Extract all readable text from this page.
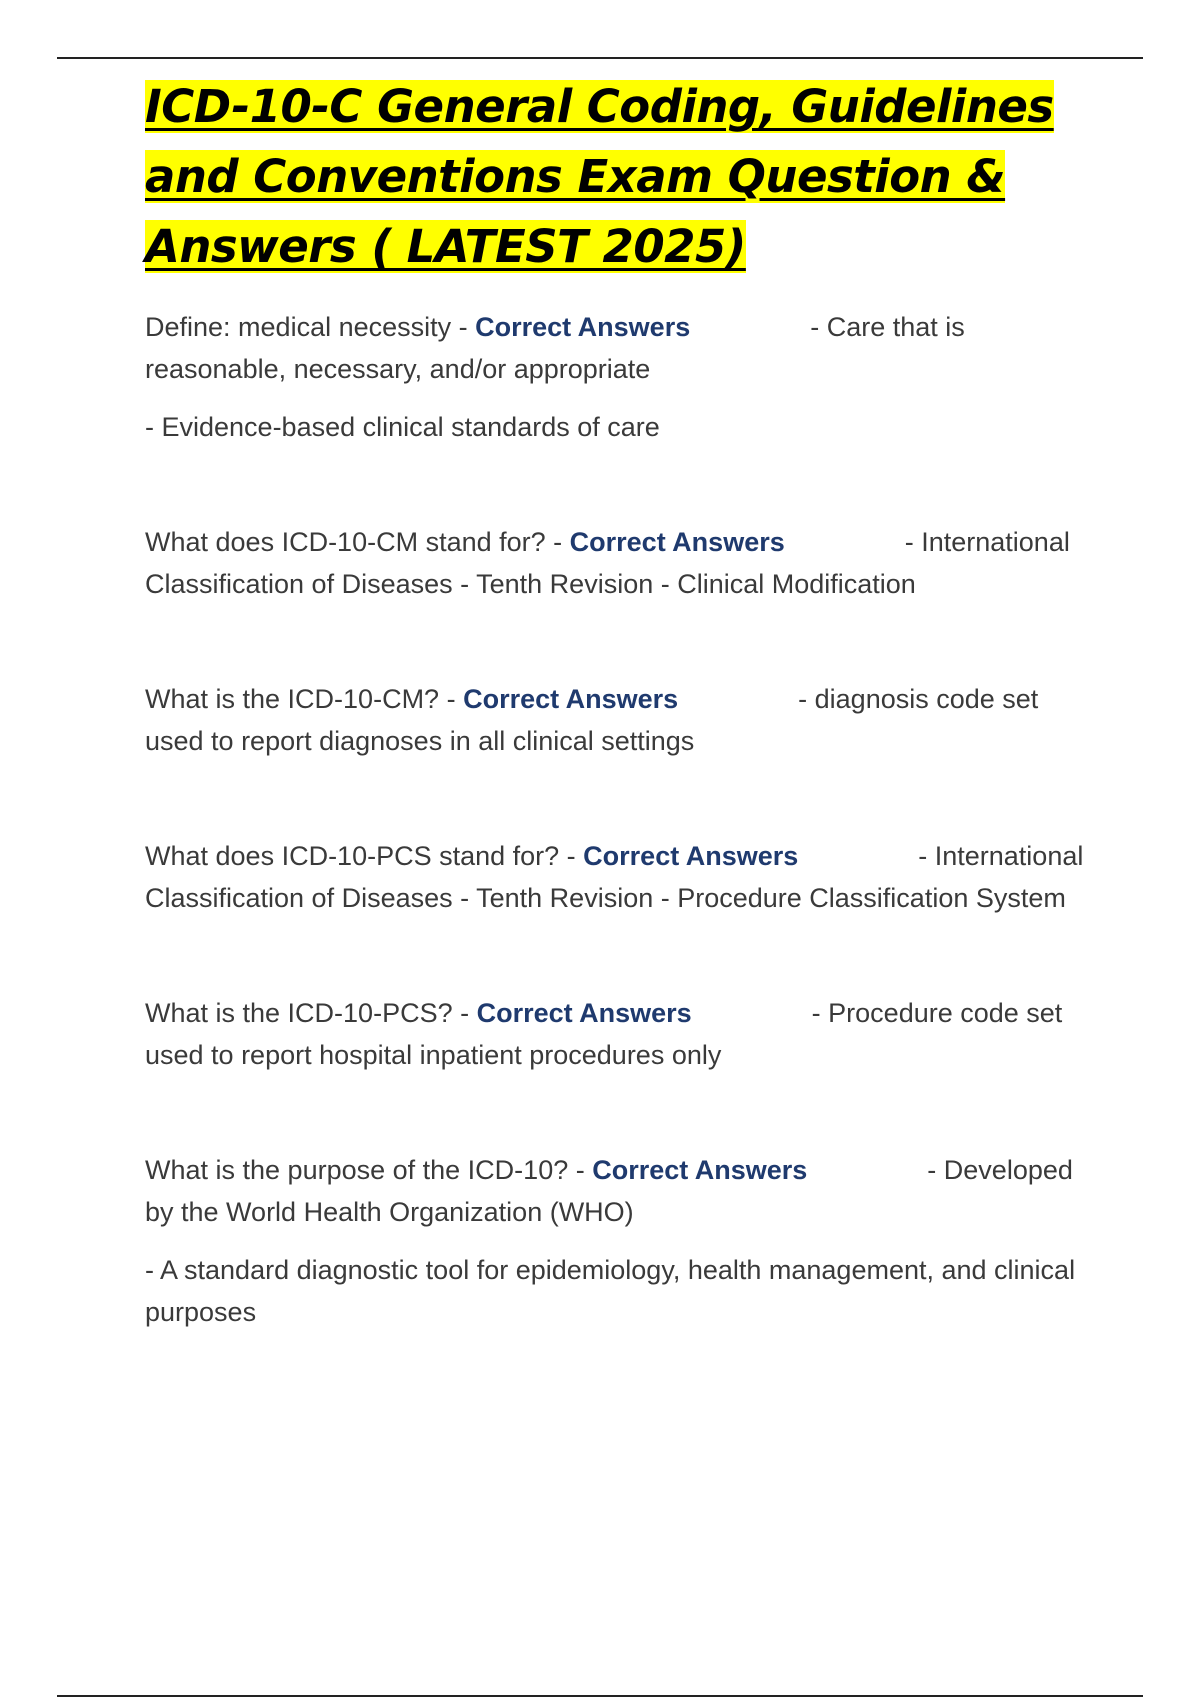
ICD-10-C General Coding, Guidelines and Conventions Exam Question & Answers ( LATEST 2025)

Define: medical necessity - Correct Answers	- Care that is reasonable, necessary, and/or appropriate

- Evidence-based clinical standards of care

What does ICD-10-CM stand for? - Correct Answers	- International Classification of Diseases - Tenth Revision - Clinical Modification

What is the ICD-10-CM? - Correct Answers	- diagnosis code set used to report diagnoses in all clinical settings

What does ICD-10-PCS stand for? - Correct Answers	- International Classification of Diseases - Tenth Revision - Procedure Classification System

What is the ICD-10-PCS? - Correct Answers	- Procedure code set used to report hospital inpatient procedures only

What is the purpose of the ICD-10? - Correct Answers	- Developed by the World Health Organization (WHO)

- A standard diagnostic tool for epidemiology, health management, and clinical purposes
